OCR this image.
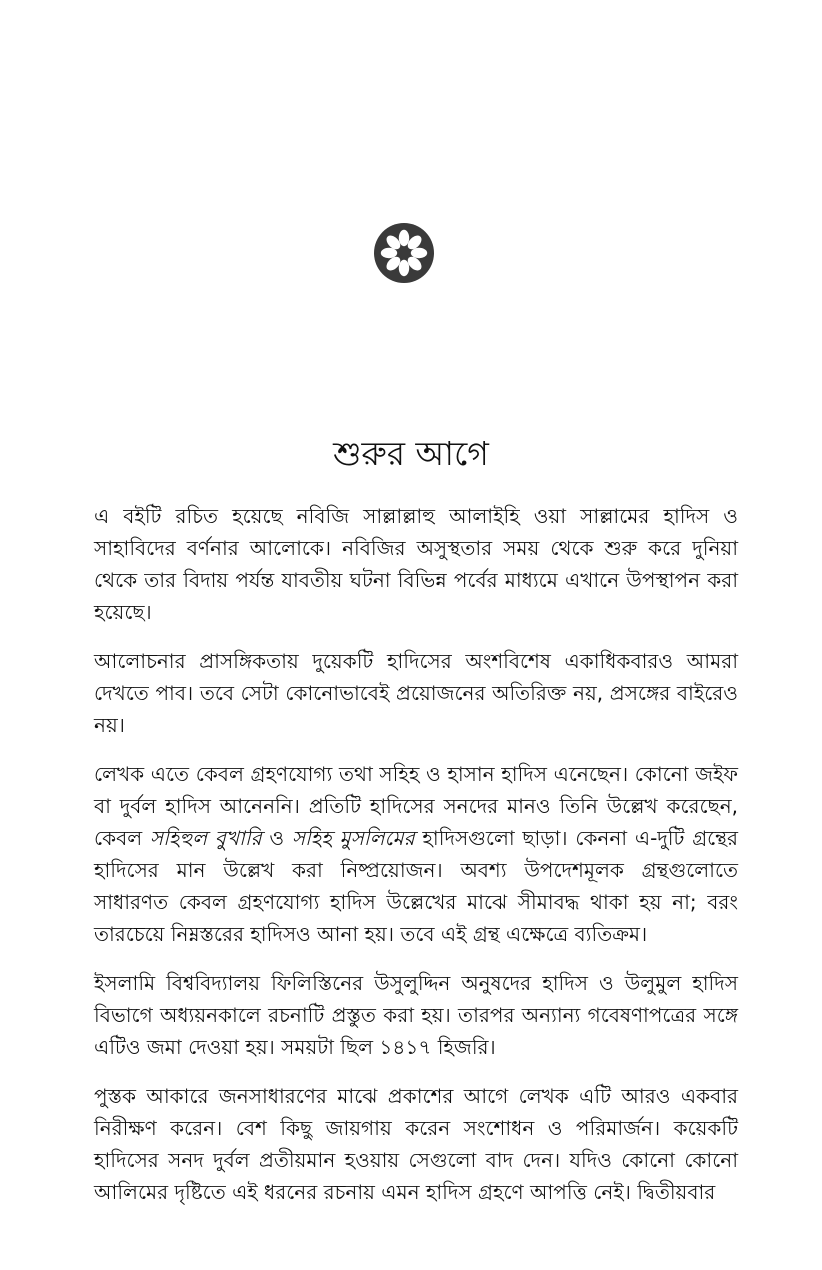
শুরুর আগে

এ বইটি রচিত হয়েছে নবিজি সাল্লাল্লাহু আলাইহি ওয়া সাল্লামের হাদিস ও সাহাবিদের বর্ণনার আলোকে। নবিজির অসুস্থতার সময় থেকে শুরু করে দুনিয়া থেকে তার বিদায় পর্যন্ত যাবতীয় ঘটনা বিভিন্ন পর্বের মাধ্যমে এখানে উপস্থাপন করা হয়েছে।

আলোচনার প্রাসঙ্গিকতায় দুয়েকটি হাদিসের অংশবিশেষ একাধিকবারও আমরা দেখতে পাব। তবে সেটা কোনোভাবেই প্রয়োজনের অতিরিক্ত নয়, প্রসঙ্গের বাইরেও নয়।

লেখক এতে কেবল গ্রহণযোগ্য তথা সহিহ ও হাসান হাদিস এনেছেন। কোনো জইফ বা দুর্বল হাদিস আনেননি। প্রতিটি হাদিসের সনদের মানও তিনি উল্লেখ করেছেন, কেবল সহিহুল বুখারি ও সহিহ মুসলিমের হাদিসগুলো ছাড়া। কেননা এ-দুটি গ্রন্থের হাদিসের মান উল্লেখ করা নিষ্প্রয়োজন। অবশ্য উপদেশমূলক গ্রন্থগুলোতে সাধারণত কেবল গ্রহণযোগ্য হাদিস উল্লেখের মাঝে সীমাবদ্ধ থাকা হয় না; বরং তারচেয়ে নিম্নস্তরের হাদিসও আনা হয়। তবে এই গ্রন্থ এক্ষেত্রে ব্যতিক্রম।

ইসলামি বিশ্ববিদ্যালয় ফিলিস্তিনের উসুলুদ্দিন অনুষদের হাদিস ও উলুমুল হাদিস বিভাগে অধ্যয়নকালে রচনাটি প্রস্তুত করা হয়। তারপর অন্যান্য গবেষণাপত্রের সঙ্গে এটিও জমা দেওয়া হয়। সময়টা ছিল ১৪১৭ হিজরি।

পুস্তক আকারে জনসাধারণের মাঝে প্রকাশের আগে লেখক এটি আরও একবার নিরীক্ষণ করেন। বেশ কিছু জায়গায় করেন সংশোধন ও পরিমার্জন। কয়েকটি হাদিসের সনদ দুর্বল প্রতীয়মান হওয়ায় সেগুলো বাদ দেন। যদিও কোনো কোনো আলিমের দৃষ্টিতে এই ধরনের রচনায় এমন হাদিস গ্রহণে আপত্তি নেই। দ্বিতীয়বার
